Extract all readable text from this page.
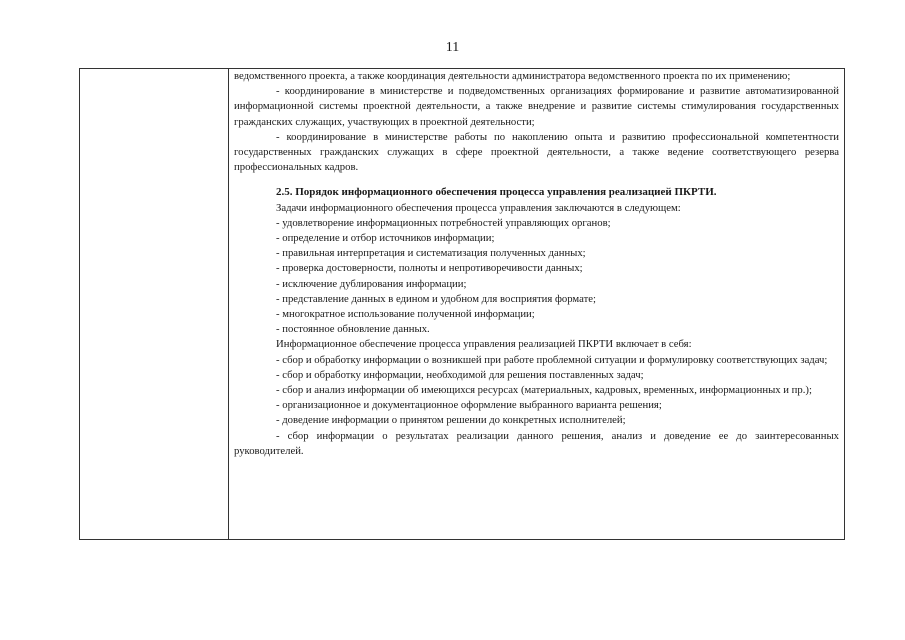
11

ведомственного проекта, а также координация деятельности администратора ведомственного проекта по их применению;

- координирование в министерстве и подведомственных организациях формирование и развитие автоматизированной информационной системы проектной деятельности, а также внедрение и развитие системы стимулирования государственных гражданских служащих, участвующих в проектной деятельности;

- координирование в министерстве работы по накоплению опыта и развитию профессиональной компетентности государственных гражданских служащих в сфере проектной деятельности, а также ведение соответствующего резерва профессиональных кадров.

2.5. Порядок информационного обеспечения процесса управления реализацией ПКРТИ.

Задачи информационного обеспечения процесса управления заключаются в следующем:

- удовлетворение информационных потребностей управляющих органов;

- определение и отбор источников информации;

- правильная интерпретация и систематизация полученных данных;

- проверка достоверности, полноты и непротиворечивости данных;

- исключение дублирования информации;

- представление данных в едином и удобном для восприятия формате;

- многократное использование полученной информации;

- постоянное обновление данных.

Информационное обеспечение процесса управления реализацией ПКРТИ включает в себя:

- сбор и обработку информации о возникшей при работе проблемной ситуации и формулировку соответствующих задач;

- сбор и обработку информации, необходимой для решения поставленных задач;

- сбор и анализ информации об имеющихся ресурсах (материальных, кадровых, временных, информационных и пр.);

- организационное и документационное оформление выбранного варианта решения;

- доведение информации о принятом решении до конкретных исполнителей;

- сбор информации о результатах реализации данного решения, анализ и доведение ее до заинтересованных руководителей.
